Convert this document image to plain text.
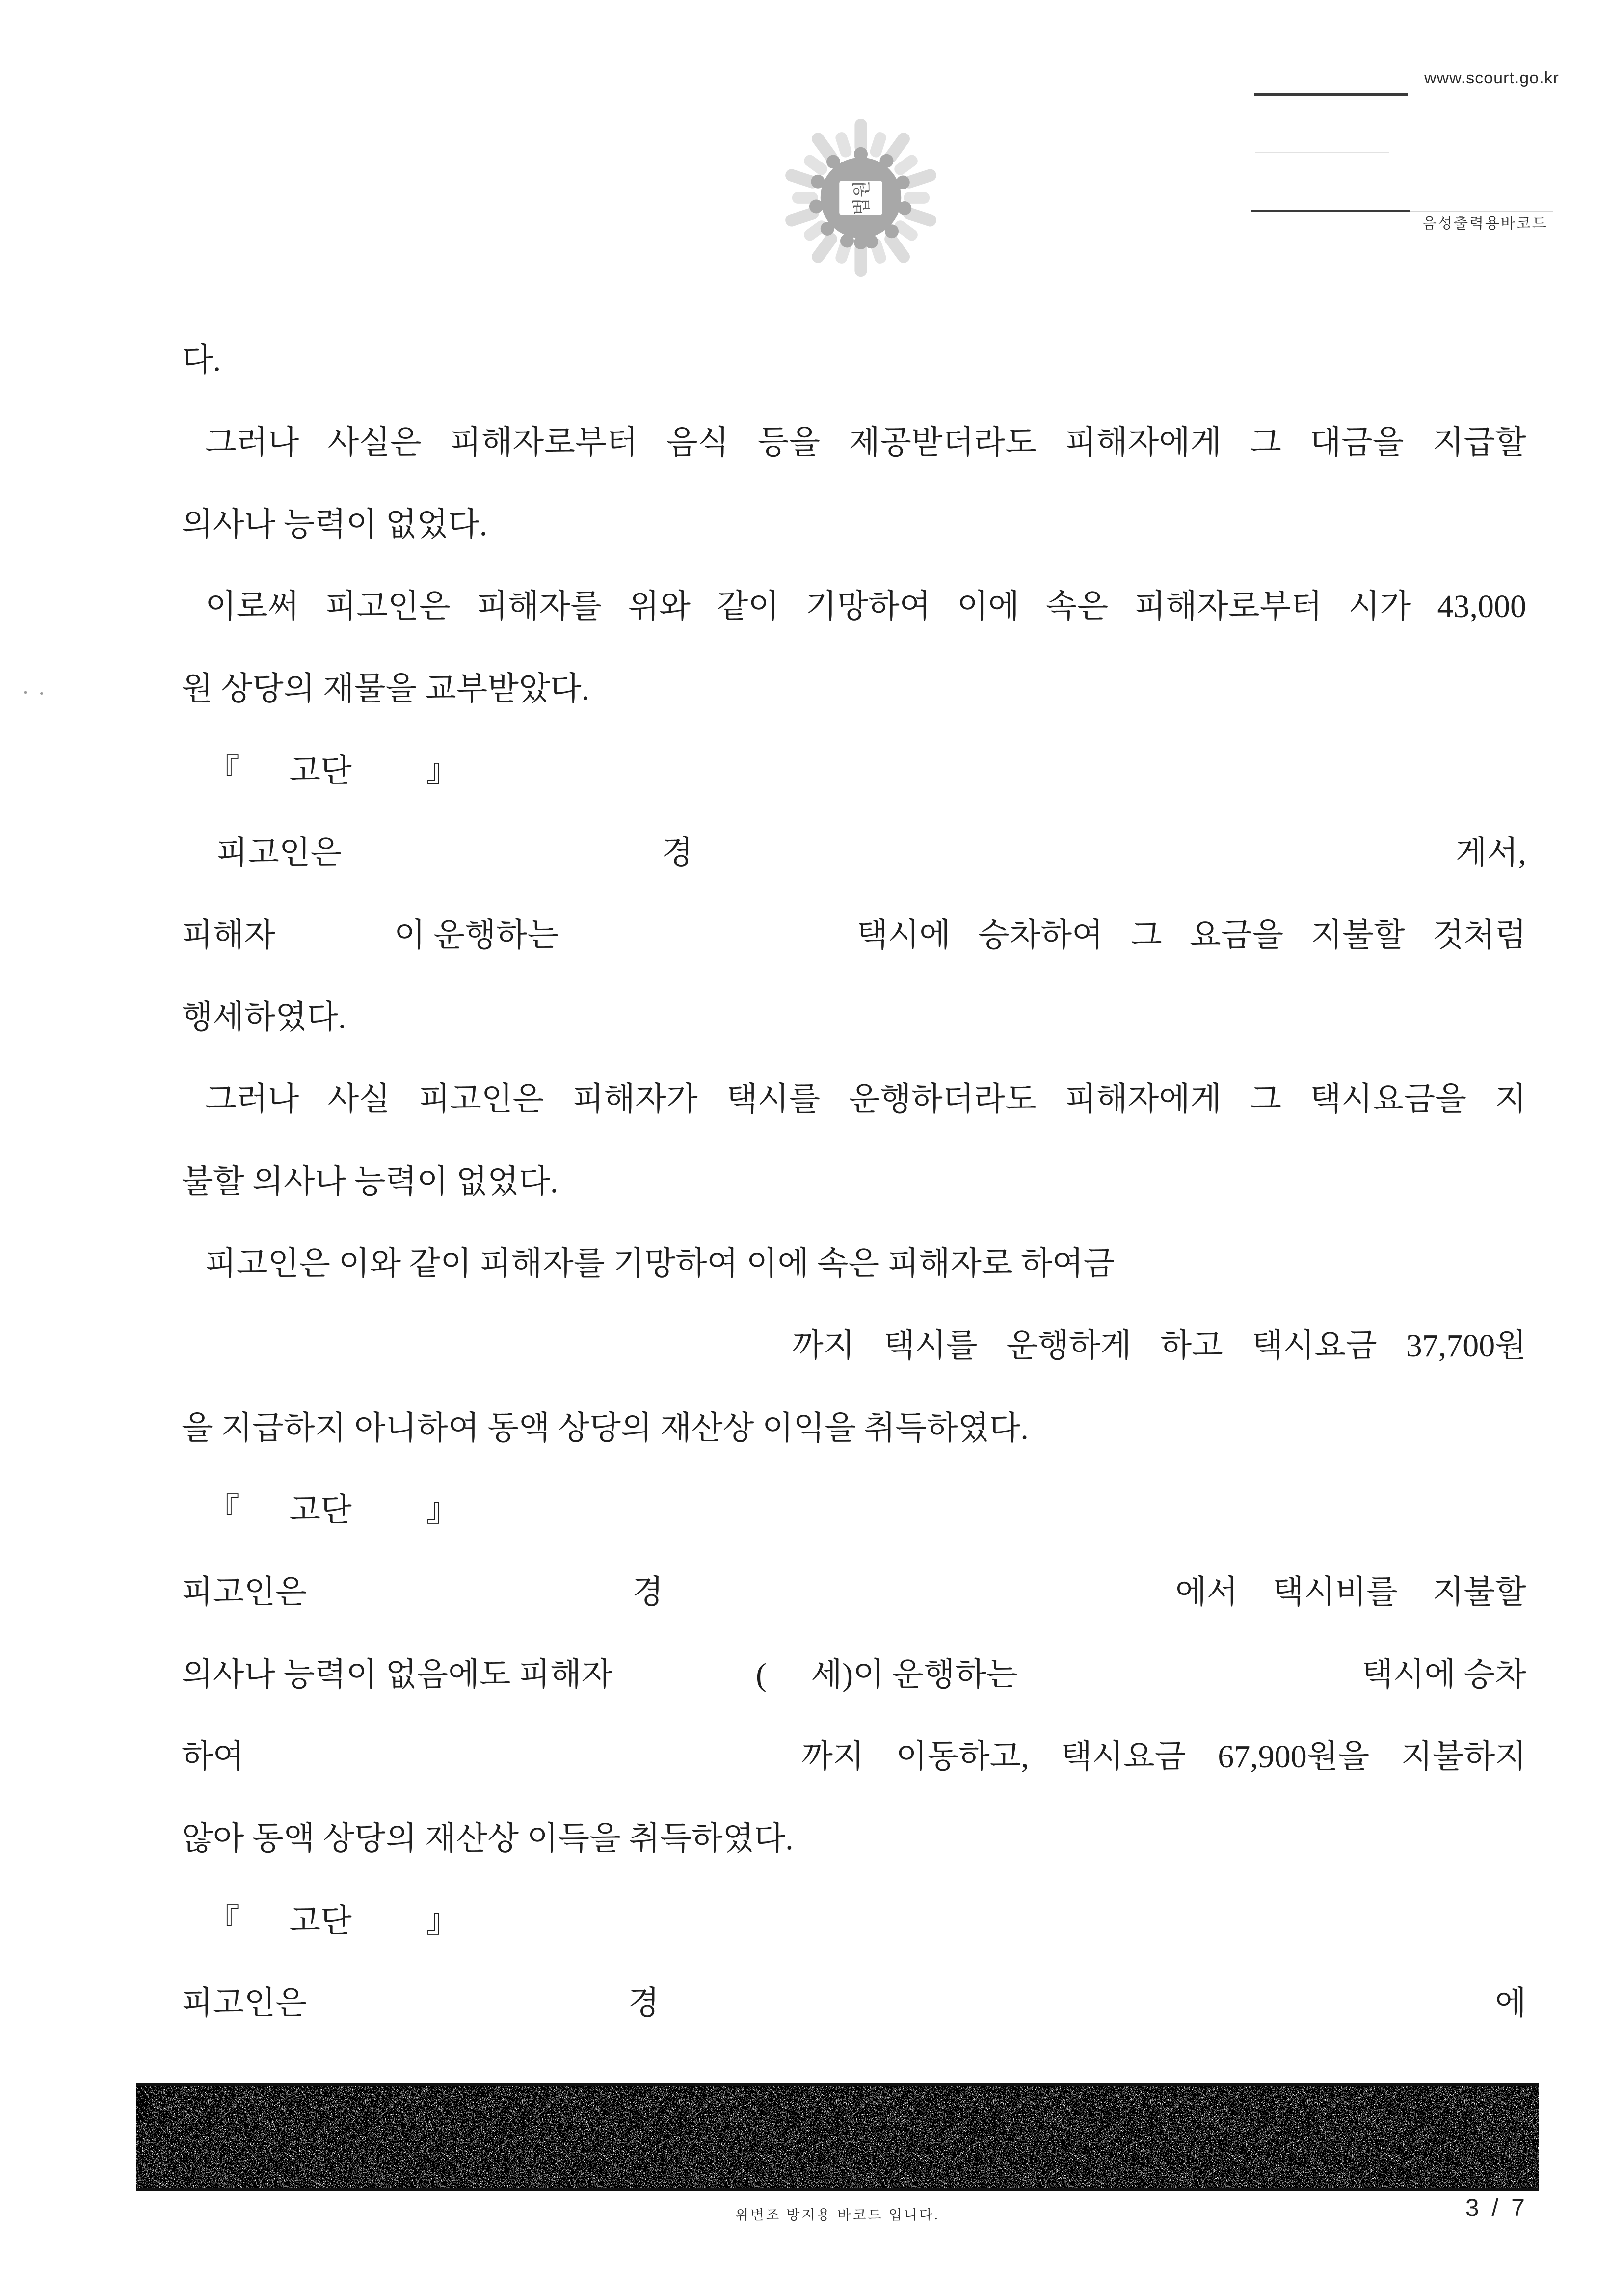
www.scourt.go.kr
음성출력용바코드
법원
다.
그러나 사실은 피해자로부터 음식 등을 제공받더라도 피해자에게 그 대금을 지급할
의사나 능력이 없었다.
이로써 피고인은 피해자를 위와 같이 기망하여 이에 속은 피해자로부터 시가 43,000
원 상당의 재물을 교부받았다.
『 고단 』
피고인은	경	게서,
피해자	이 운행하는	택시에 승차하여 그 요금을 지불할 것처럼
행세하였다.
그러나 사실 피고인은 피해자가 택시를 운행하더라도 피해자에게 그 택시요금을 지
불할 의사나 능력이 없었다.
피고인은 이와 같이 피해자를 기망하여 이에 속은 피해자로 하여금
까지 택시를 운행하게 하고 택시요금 37,700원
을 지급하지 아니하여 동액 상당의 재산상 이익을 취득하였다.
『 고단 』
피고인은	경	에서 택시비를 지불할
의사나 능력이 없음에도 피해자	( 세)이 운행하는	택시에 승차
하여	까지 이동하고, 택시요금 67,900원을 지불하지
않아 동액 상당의 재산상 이득을 취득하였다.
『 고단 』
피고인은	경	에
위변조 방지용 바코드 입니다.	3 / 7
